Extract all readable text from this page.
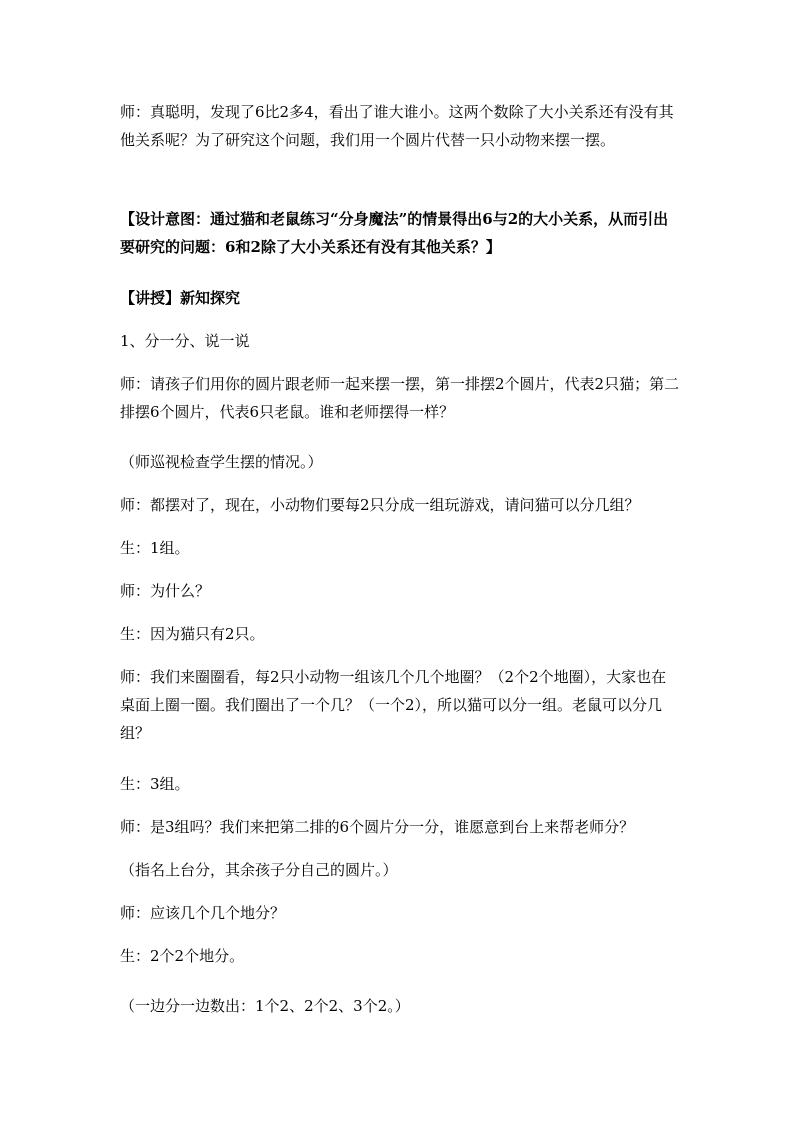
师：真聪明，发现了6比2多4，看出了谁大谁小。这两个数除了大小关系还有没有其他关系呢？为了研究这个问题，我们用一个圆片代替一只小动物来摆一摆。

【设计意图：通过猫和老鼠练习“分身魔法”的情景得出6与2的大小关系，从而引出要研究的问题：6和2除了大小关系还有没有其他关系？】

【讲授】新知探究

1、分一分、说一说

师：请孩子们用你的圆片跟老师一起来摆一摆，第一排摆2个圆片，代表2只猫；第二排摆6个圆片，代表6只老鼠。谁和老师摆得一样？

（师巡视检查学生摆的情况。）

师：都摆对了，现在，小动物们要每2只分成一组玩游戏，请问猫可以分几组？

生：1组。

师：为什么？

生：因为猫只有2只。

师：我们来圈圈看，每2只小动物一组该几个几个地圈？（2个2个地圈），大家也在桌面上圈一圈。我们圈出了一个几？（一个2），所以猫可以分一组。老鼠可以分几组？

生：3组。

师：是3组吗？我们来把第二排的6个圆片分一分，谁愿意到台上来帮老师分？

（指名上台分，其余孩子分自己的圆片。）

师：应该几个几个地分？

生：2个2个地分。

（一边分一边数出：1个2、2个2、3个2。）
